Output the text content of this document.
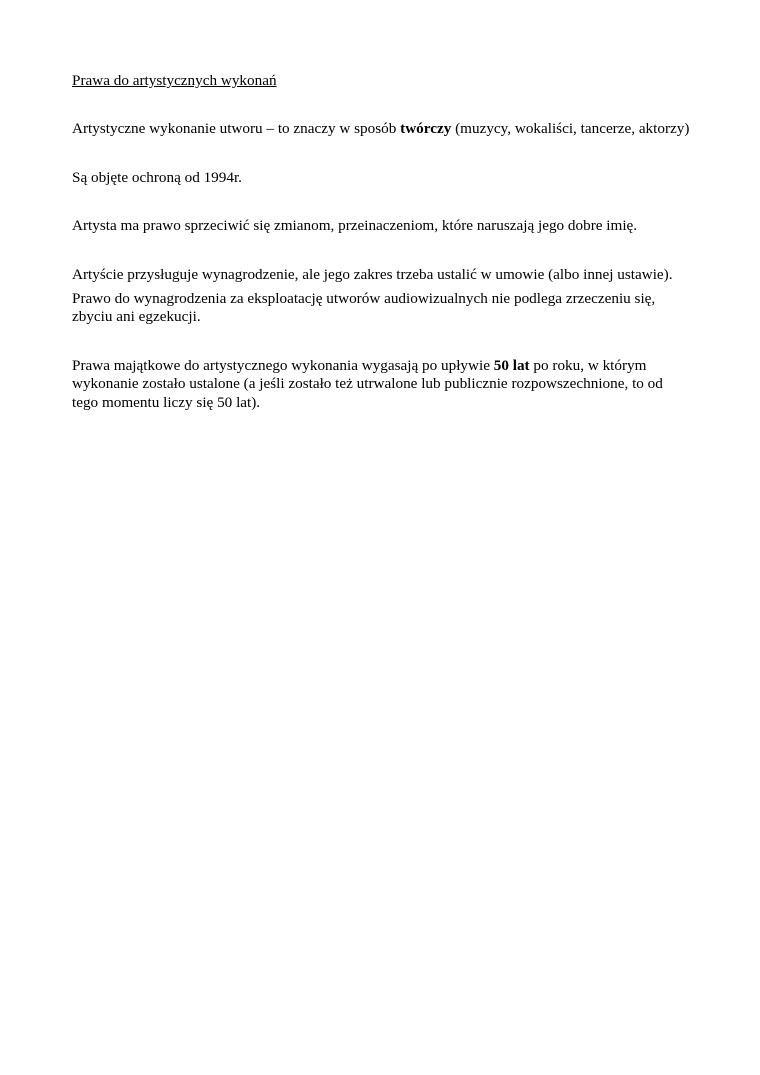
Prawa do artystycznych wykonań

Artystyczne wykonanie utworu – to znaczy w sposób twórczy (muzycy, wokaliści, tancerze, aktorzy)

Są objęte ochroną od 1994r.

Artysta ma prawo sprzeciwić się zmianom, przeinaczeniom, które naruszają jego dobre imię.

Artyście przysługuje wynagrodzenie, ale jego zakres trzeba ustalić w umowie (albo innej ustawie).

Prawo do wynagrodzenia za eksploatację utworów audiowizualnych nie podlega zrzeczeniu się, zbyciu ani egzekucji.

Prawa majątkowe do artystycznego wykonania wygasają po upływie 50 lat po roku, w którym wykonanie zostało ustalone (a jeśli zostało też utrwalone lub publicznie rozpowszechnione, to od tego momentu liczy się 50 lat).
